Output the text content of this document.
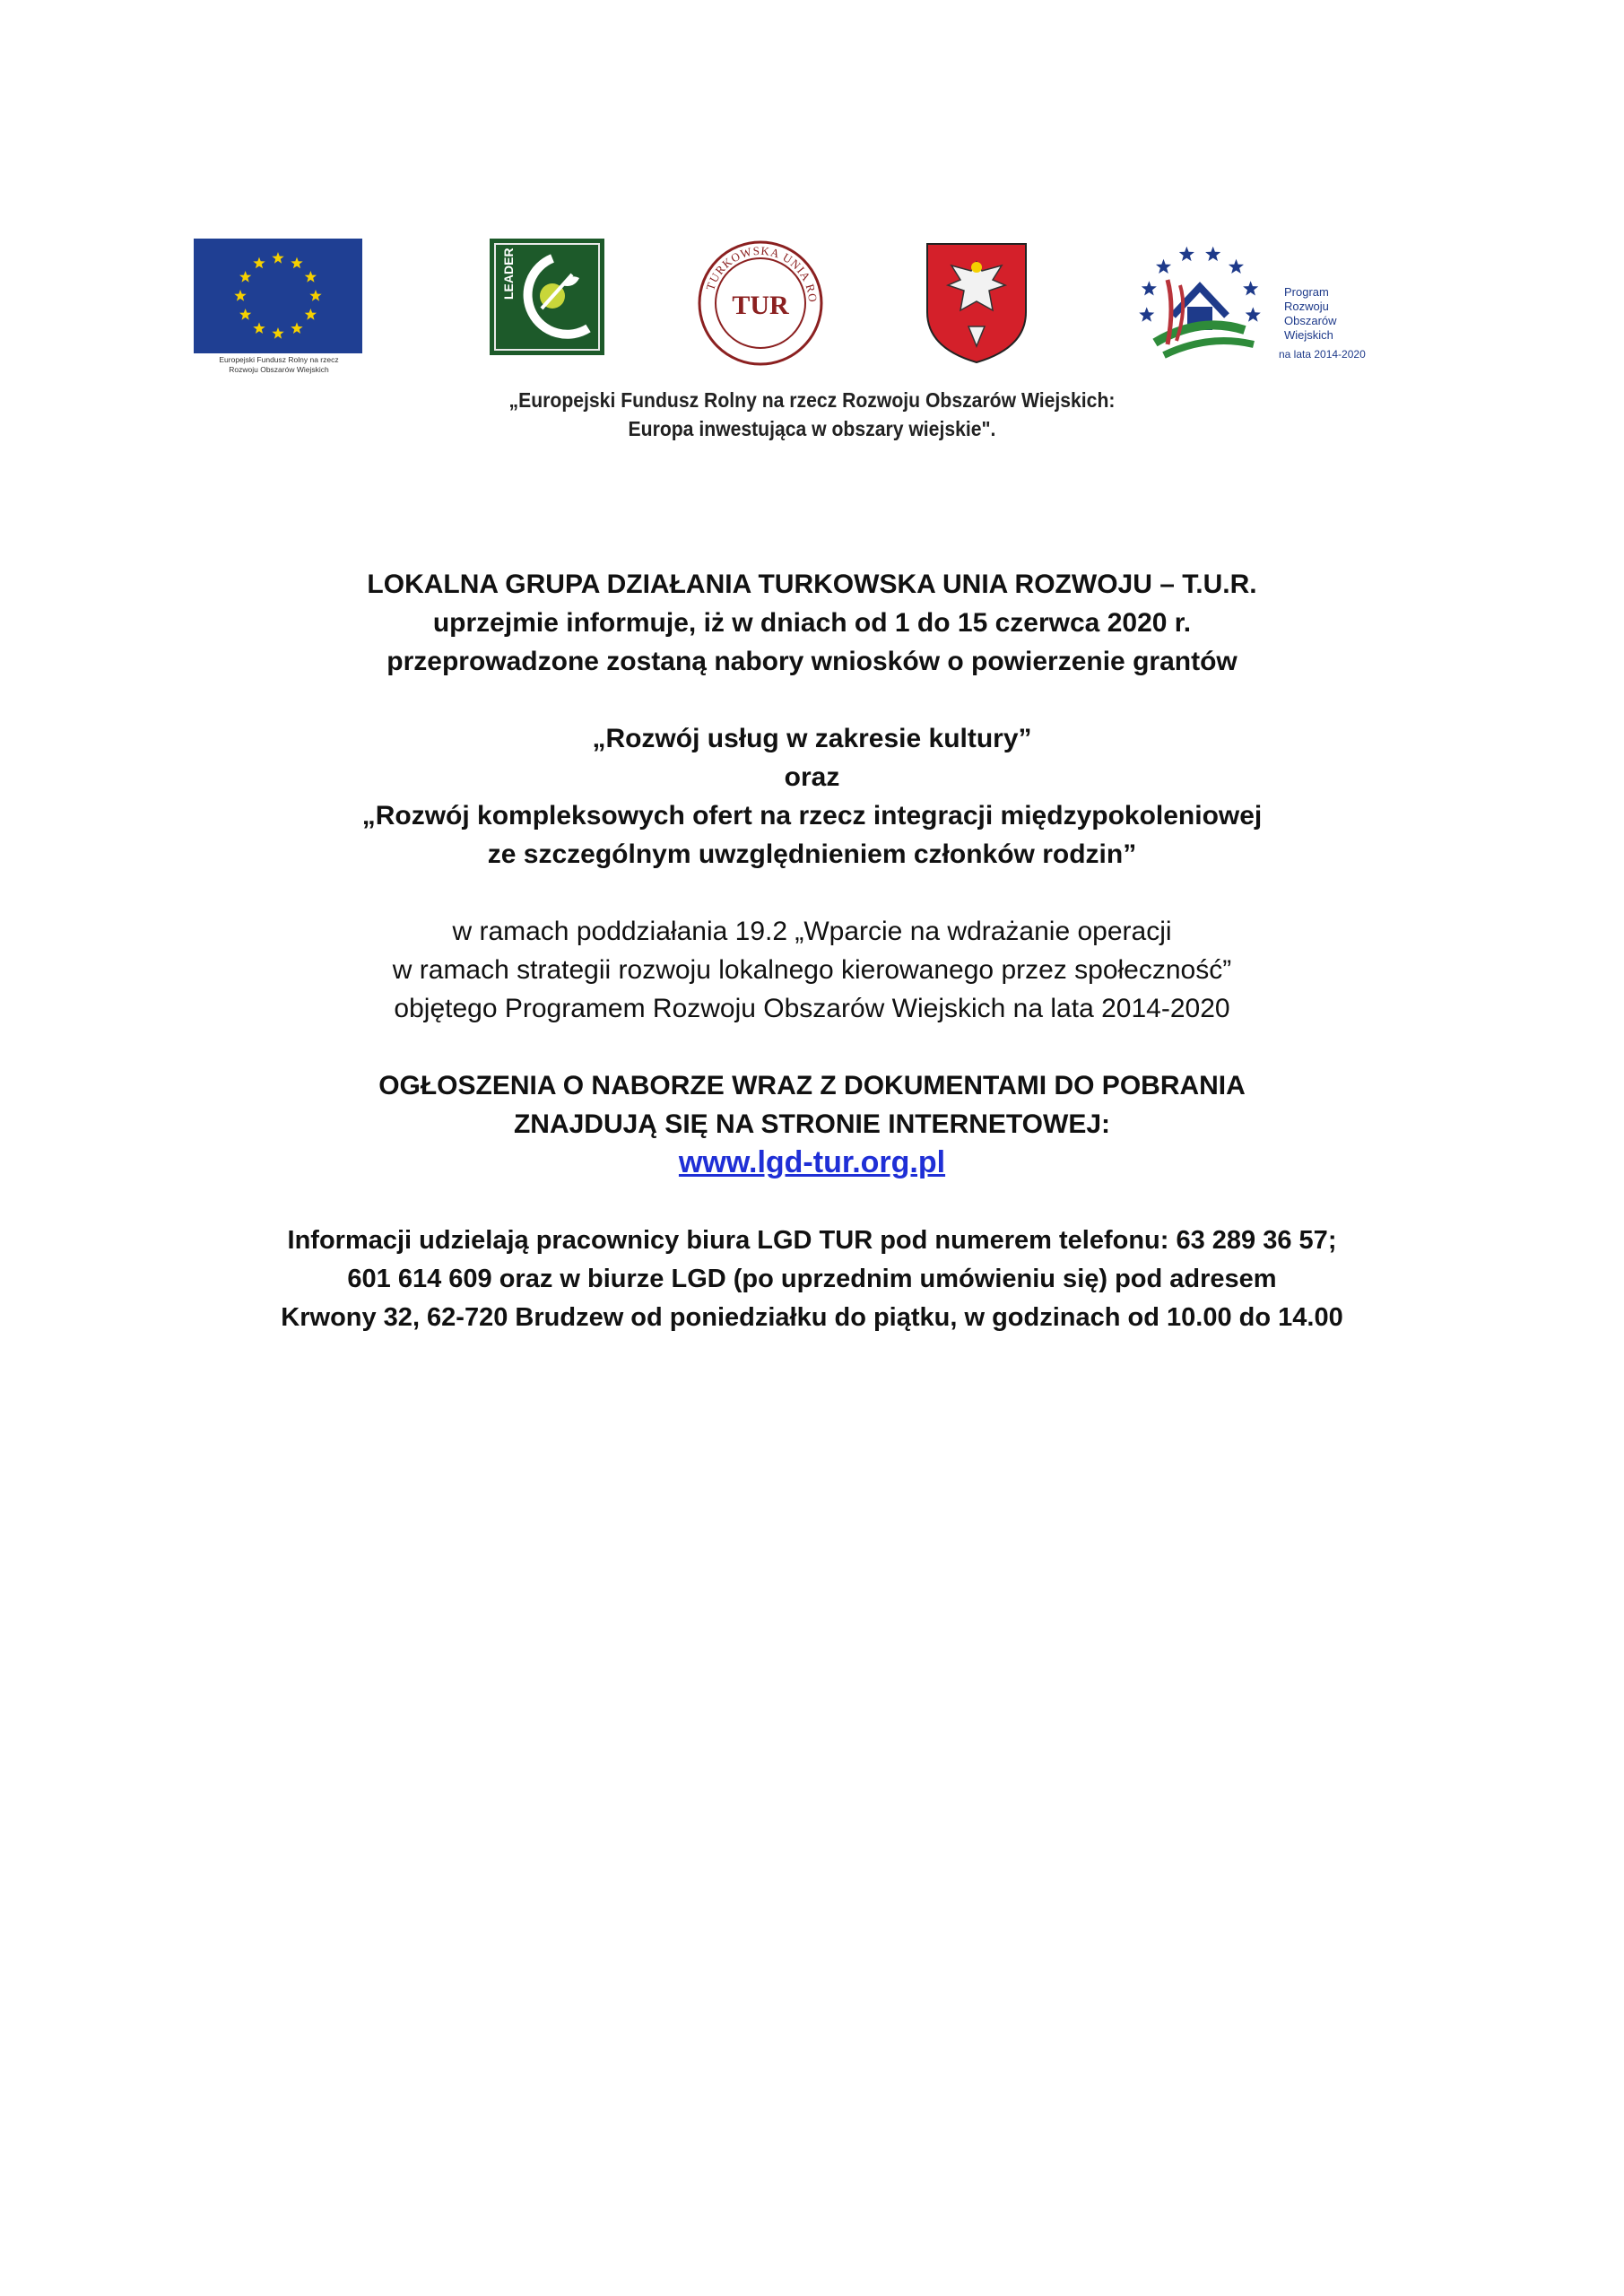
Europejski Fundusz Rolny na rzecz
Rozwoju Obszarów Wiejskich
LEADER	TURKOWSKA UNIA RO
TUR	Program
Rozwoju
Obszarów
Wiejskich
na lata 2014-2020
„Europejski Fundusz Rolny na rzecz Rozwoju Obszarów Wiejskich:
Europa inwestująca w obszary wiejskie".
LOKALNA GRUPA DZIAŁANIA TURKOWSKA UNIA ROZWOJU – T.U.R.
uprzejmie informuje, iż w dniach od 1 do 15 czerwca 2020 r.
przeprowadzone zostaną nabory wniosków o powierzenie grantów
„Rozwój usług w zakresie kultury”
oraz
„Rozwój kompleksowych ofert na rzecz integracji międzypokoleniowej
ze szczególnym uwzględnieniem członków rodzin”
w ramach poddziałania 19.2 „Wparcie na wdrażanie operacji
w ramach strategii rozwoju lokalnego kierowanego przez społeczność”
objętego Programem Rozwoju Obszarów Wiejskich na lata 2014-2020
OGŁOSZENIA O NABORZE WRAZ Z DOKUMENTAMI DO POBRANIA
ZNAJDUJĄ SIĘ NA STRONIE INTERNETOWEJ:
www.lgd-tur.org.pl
Informacji udzielają pracownicy biura LGD TUR pod numerem telefonu: 63 289 36 57;
601 614 609 oraz w biurze LGD (po uprzednim umówieniu się) pod adresem
Krwony 32, 62-720 Brudzew od poniedziałku do piątku, w godzinach od 10.00 do 14.00
